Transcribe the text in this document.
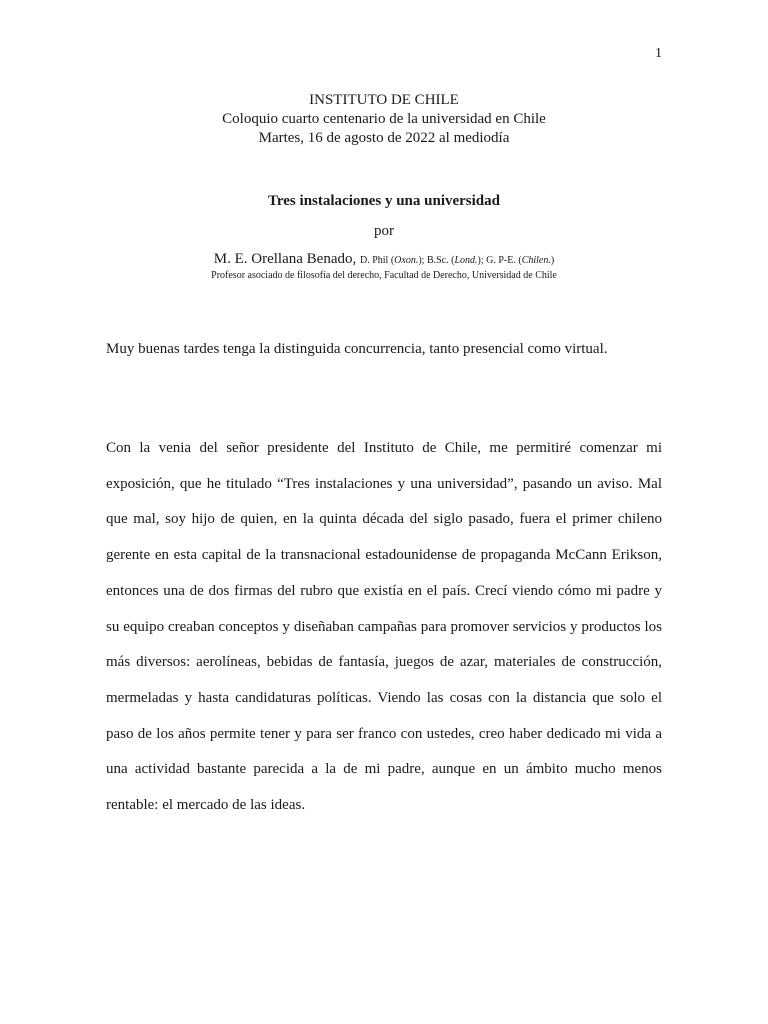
1
INSTITUTO DE CHILE
Coloquio cuarto centenario de la universidad en Chile
Martes, 16 de agosto de 2022 al mediodía
Tres instalaciones y una universidad
por
M. E. Orellana Benado, D. Phil (Oxon.); B.Sc. (Lond.); G. P-E. (Chilen.)
Profesor asociado de filosofía del derecho, Facultad de Derecho, Universidad de Chile
Muy buenas tardes tenga la distinguida concurrencia, tanto presencial como virtual.
Con la venia del señor presidente del Instituto de Chile, me permitiré comenzar mi exposición, que he titulado “Tres instalaciones y una universidad”, pasando un aviso. Mal que mal, soy hijo de quien, en la quinta década del siglo pasado, fuera el primer chileno gerente en esta capital de la transnacional estadounidense de propaganda McCann Erikson, entonces una de dos firmas del rubro que existía en el país. Crecí viendo cómo mi padre y su equipo creaban conceptos y diseñaban campañas para promover servicios y productos los más diversos: aerolíneas, bebidas de fantasía, juegos de azar, materiales de construcción, mermeladas y hasta candidaturas políticas. Viendo las cosas con la distancia que solo el paso de los años permite tener y para ser franco con ustedes, creo haber dedicado mi vida a una actividad bastante parecida a la de mi padre, aunque en un ámbito mucho menos rentable: el mercado de las ideas.
